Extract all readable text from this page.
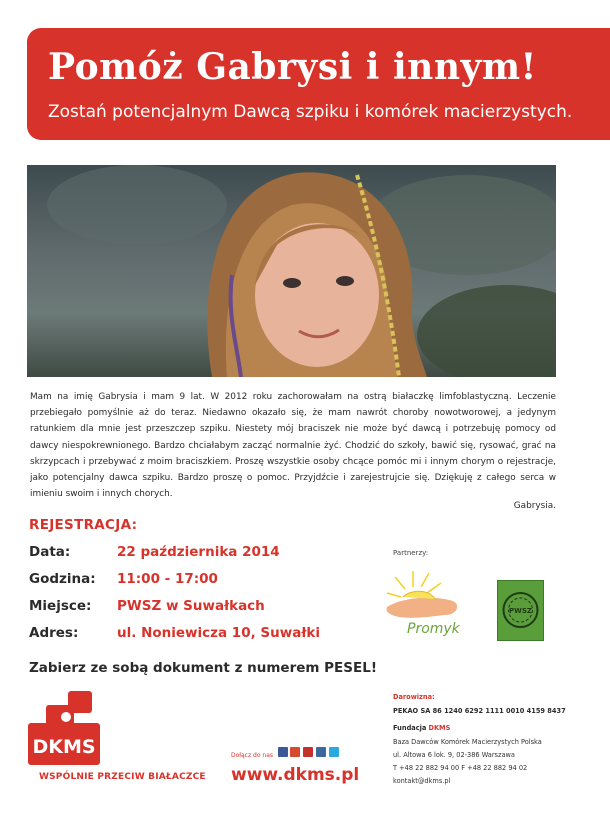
Pomóż Gabrysi i innym!
Zostań potencjalnym Dawcą szpiku i komórek macierzystych.
Mam na imię Gabrysia i mam 9 lat. W 2012 roku zachorowałam na ostrą białaczkę limfoblastyczną. Leczenie przebiegało pomyślnie aż do teraz. Niedawno okazało się, że mam nawrót choroby nowotworowej, a jedynym ratunkiem dla mnie jest przeszczep szpiku. Niestety mój braciszek nie może być dawcą i potrzebuję pomocy od dawcy niespokrewnionego. Bardzo chciałabym zacząć normalnie żyć. Chodzić do szkoły, bawić się, rysować, grać na skrzypcach i przebywać z moim braciszkiem. Proszę wszystkie osoby chcące pomóc mi i innym chorym o rejestracje, jako potencjalny dawca szpiku. Bardzo proszę o pomoc. Przyjdźcie i zarejestrujcie się. Dziękuję z całego serca w imieniu swoim i innych chorych.
Gabrysia.
REJESTRACJA:
Data:	22 października 2014
Godzina: 11:00 - 17:00
Miejsce: PWSZ w Suwałkach
Adres:	ul. Noniewicza 10, Suwałki
Zabierz ze sobą dokument z numerem PESEL!
Partnerzy:
Promyk
PWSZ
DKMS
WSPÓLNIE PRZECIW BIAŁACZCE
Dołącz do nas
www.dkms.pl
Darowizna:
PEKAO SA 86 1240 6292 1111 0010 4159 8437
Fundacja DKMS
Baza Dawców Komórek Macierzystych Polska
ul. Altowa 6 lok. 9, 02-386 Warszawa
T +48 22 882 94 00 F +48 22 882 94 02
kontakt@dkms.pl
